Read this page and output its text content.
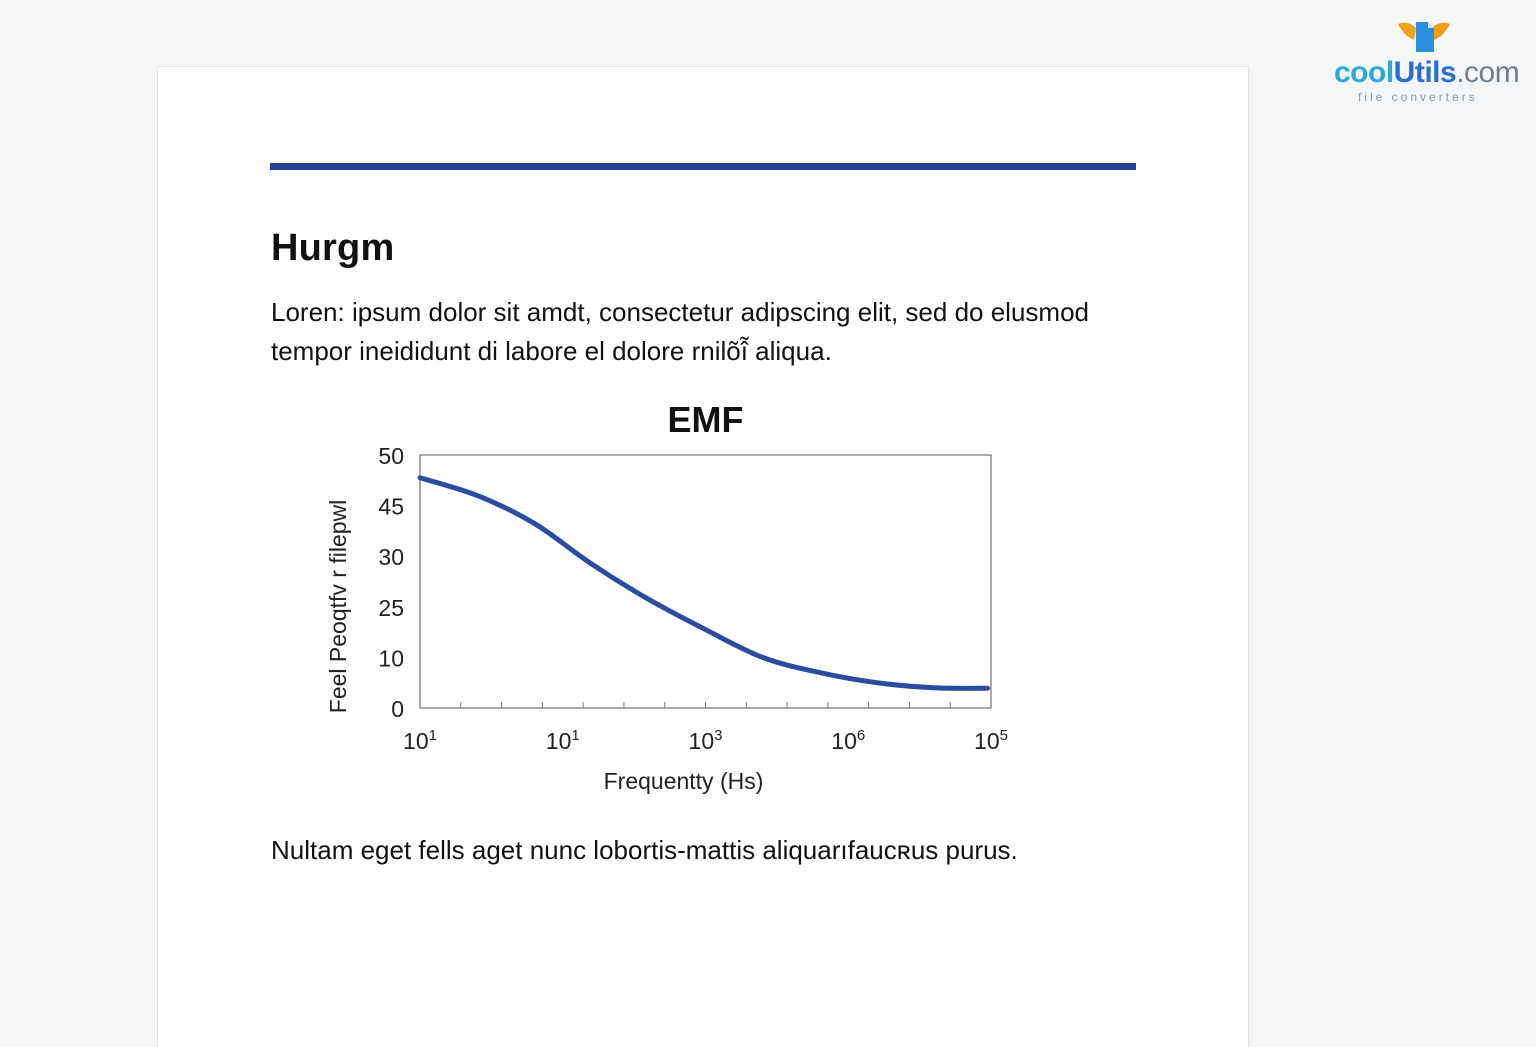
Hurgm

Loren: ipsum dolor sit amdt, consectetur adipscing elit, sed do elusmod
tempor ineididunt di labore el dolore rnilõî̃ aliqua.

EMF
0
10
25
30
45
50
$10^1$	$10^1$	$10^3$	$10^6$	$10^5$
Frequentty (Hs)
Feel Peoqtfv r filepwl

Nultam eget fells aget nunc lobortis-mattis aliquarıfaucʀus purus.

coolUtils.com
file converters
